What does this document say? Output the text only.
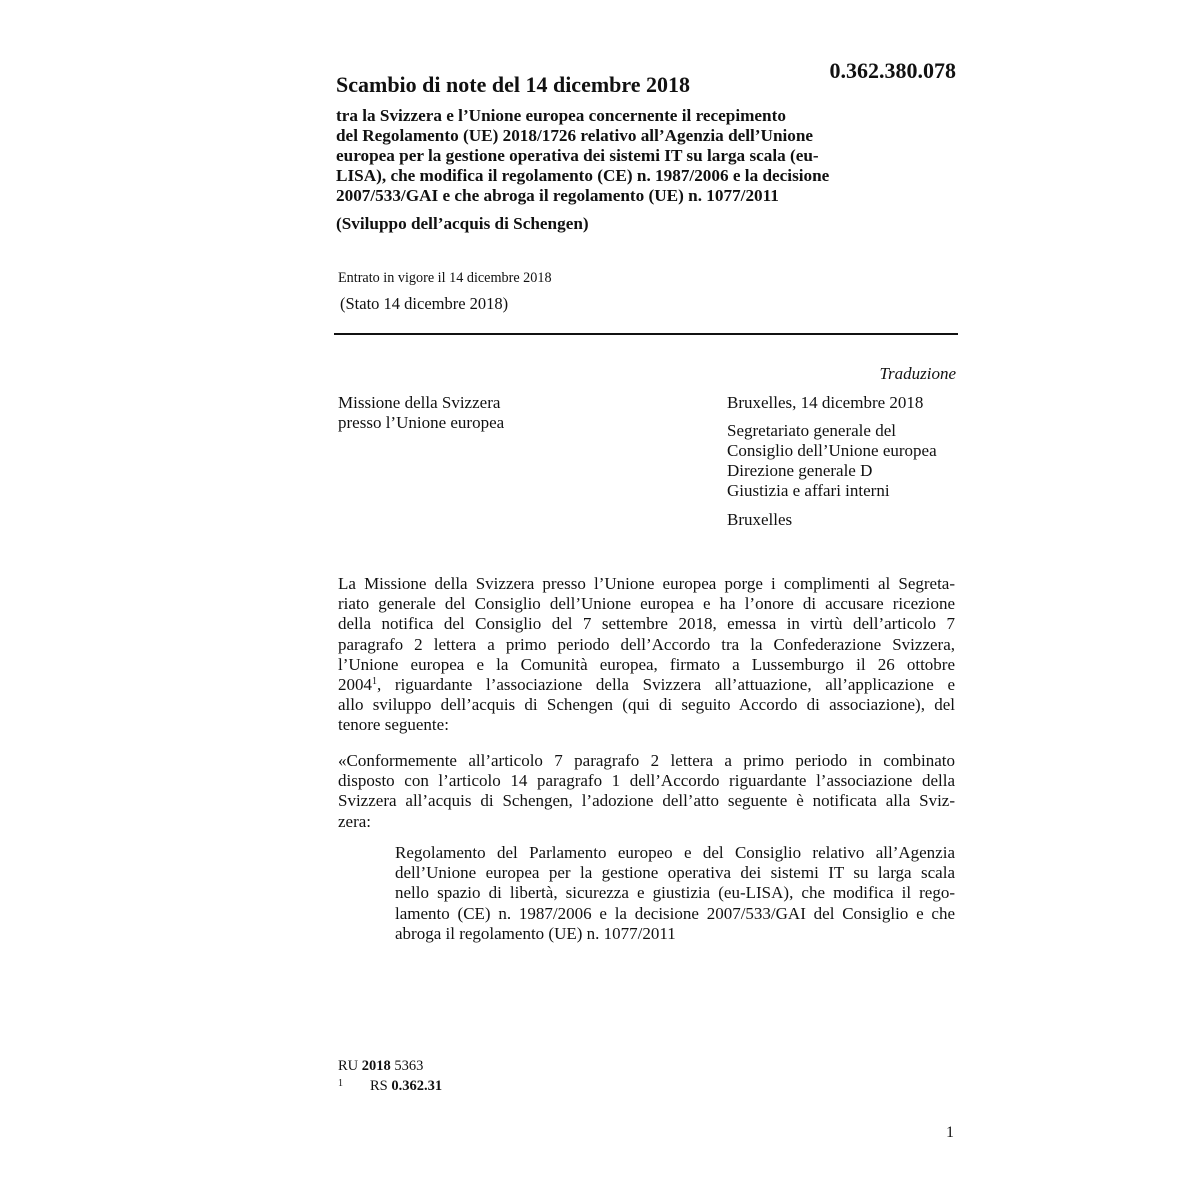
0.362.380.078
Scambio di note del 14 dicembre 2018
tra la Svizzera e l’Unione europea concernente il recepimento
del Regolamento (UE) 2018/1726 relativo all’Agenzia dell’Unione
europea per la gestione operativa dei sistemi IT su larga scala (eu-
LISA), che modifica il regolamento (CE) n. 1987/2006 e la decisione
2007/533/GAI e che abroga il regolamento (UE) n. 1077/2011
(Sviluppo dell’acquis di Schengen)
Entrato in vigore il 14 dicembre 2018
(Stato 14 dicembre 2018)
Traduzione
Missione della Svizzera
presso l’Unione europea
Bruxelles, 14 dicembre 2018
Segretariato generale del
Consiglio dell’Unione europea
Direzione generale D
Giustizia e affari interni
Bruxelles
La Missione della Svizzera presso l’Unione europea porge i complimenti al Segreta-
riato generale del Consiglio dell’Unione europea e ha l’onore di accusare ricezione
della notifica del Consiglio del 7 settembre 2018, emessa in virtù dell’articolo 7
paragrafo 2 lettera a primo periodo dell’Accordo tra la Confederazione Svizzera,
l’Unione europea e la Comunità europea, firmato a Lussemburgo il 26 ottobre
2004$^1$, riguardante l’associazione della Svizzera all’attuazione, all’applicazione e
allo sviluppo dell’acquis di Schengen (qui di seguito Accordo di associazione), del
tenore seguente:
«Conformemente all’articolo 7 paragrafo 2 lettera a primo periodo in combinato
disposto con l’articolo 14 paragrafo 1 dell’Accordo riguardante l’associazione della
Svizzera all’acquis di Schengen, l’adozione dell’atto seguente è notificata alla Sviz-
zera:
Regolamento del Parlamento europeo e del Consiglio relativo all’Agenzia
dell’Unione europea per la gestione operativa dei sistemi IT su larga scala
nello spazio di libertà, sicurezza e giustizia (eu-LISA), che modifica il rego-
lamento (CE) n. 1987/2006 e la decisione 2007/533/GAI del Consiglio e che
abroga il regolamento (UE) n. 1077/2011
RU 2018 5363
1 RS 0.362.31
1
